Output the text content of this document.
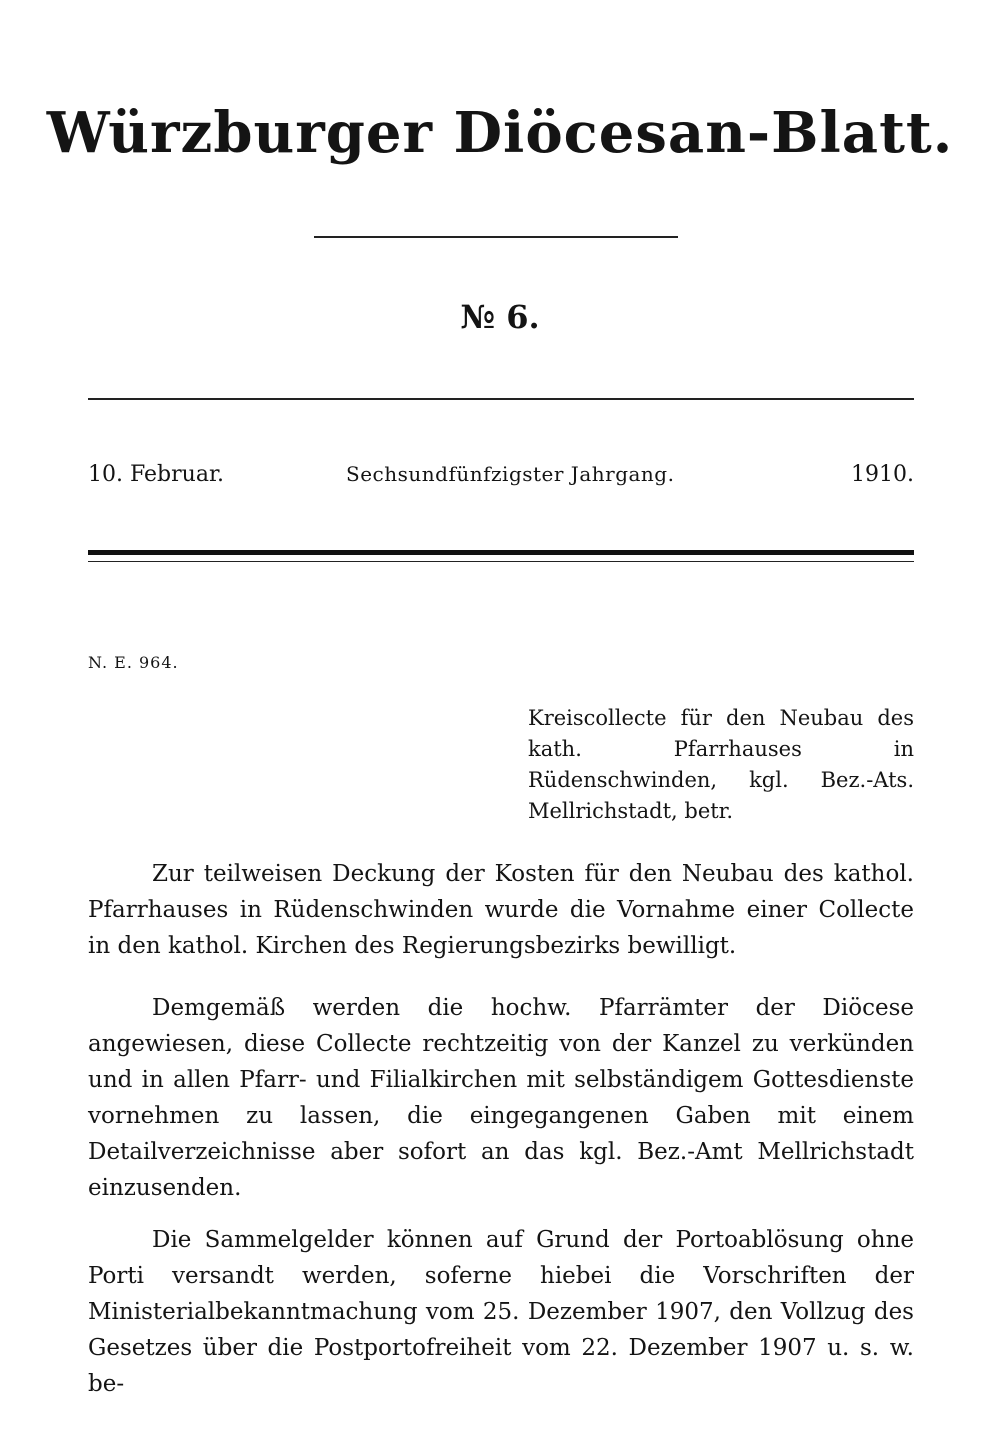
Würzburger Diöcesan-Blatt.
№ 6.
10. Februar.	Sechsundfünfzigster Jahrgang.	1910.
N. E. 964.
Kreiscollecte für den Neubau des kath. Pfarrhauses in Rüdenschwinden, kgl. Bez.-Ats. Mellrichstadt, betr.

Zur teilweisen Deckung der Kosten für den Neubau des kathol. Pfarrhauses in Rüdenschwinden wurde die Vornahme einer Collecte in den kathol. Kirchen des Regierungsbezirks bewilligt.

Demgemäß werden die hochw. Pfarrämter der Diöcese angewiesen, diese Collecte rechtzeitig von der Kanzel zu verkünden und in allen Pfarr- und Filialkirchen mit selbständigem Gottesdienste vornehmen zu lassen, die eingegangenen Gaben mit einem Detailverzeichnisse aber sofort an das kgl. Bez.-Amt Mellrichstadt einzusenden.

Die Sammelgelder können auf Grund der Portoablösung ohne Porti versandt werden, soferne hiebei die Vorschriften der Ministerialbekanntmachung vom 25. Dezember 1907, den Vollzug des Gesetzes über die Postportofreiheit vom 22. Dezember 1907 u. s. w. be-
